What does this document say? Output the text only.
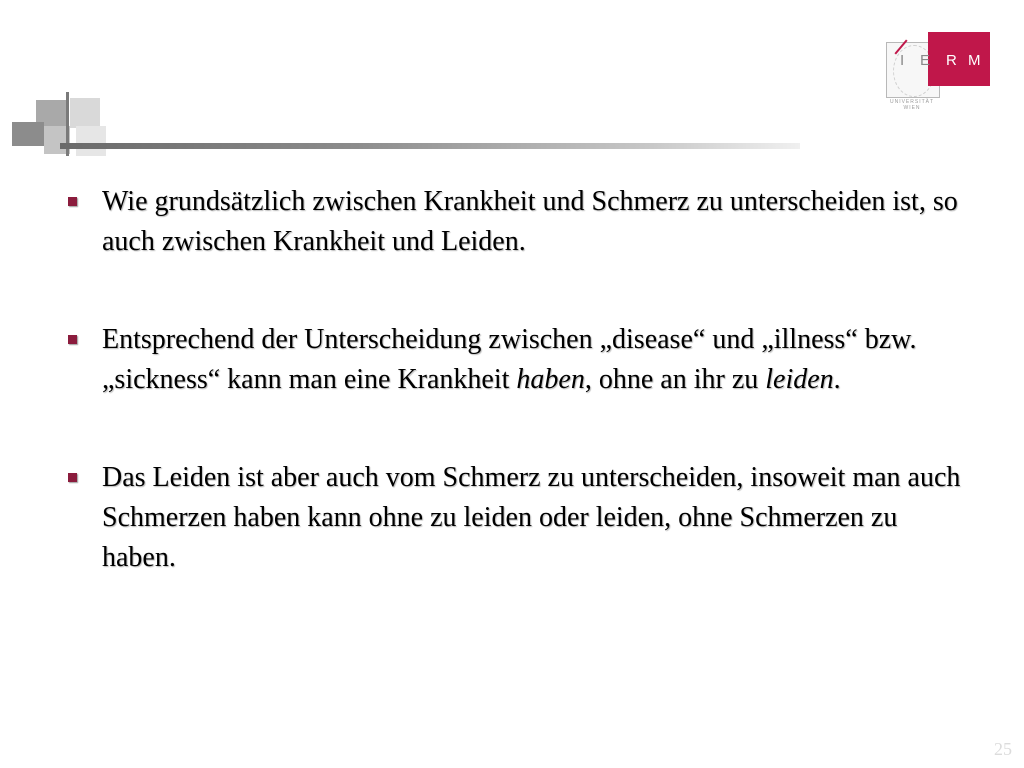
I E R M
UNIVERSITÄT WIEN
Wie grundsätzlich zwischen Krankheit und Schmerz zu unterscheiden ist, so auch zwischen Krankheit und Leiden.
Entsprechend der Unterscheidung zwischen „disease“ und „illness“ bzw. „sickness“ kann man eine Krankheit haben, ohne an ihr zu leiden.
Das Leiden ist aber auch vom Schmerz zu unterscheiden, insoweit man auch Schmerzen haben kann ohne zu leiden oder leiden, ohne Schmerzen zu haben.
25
